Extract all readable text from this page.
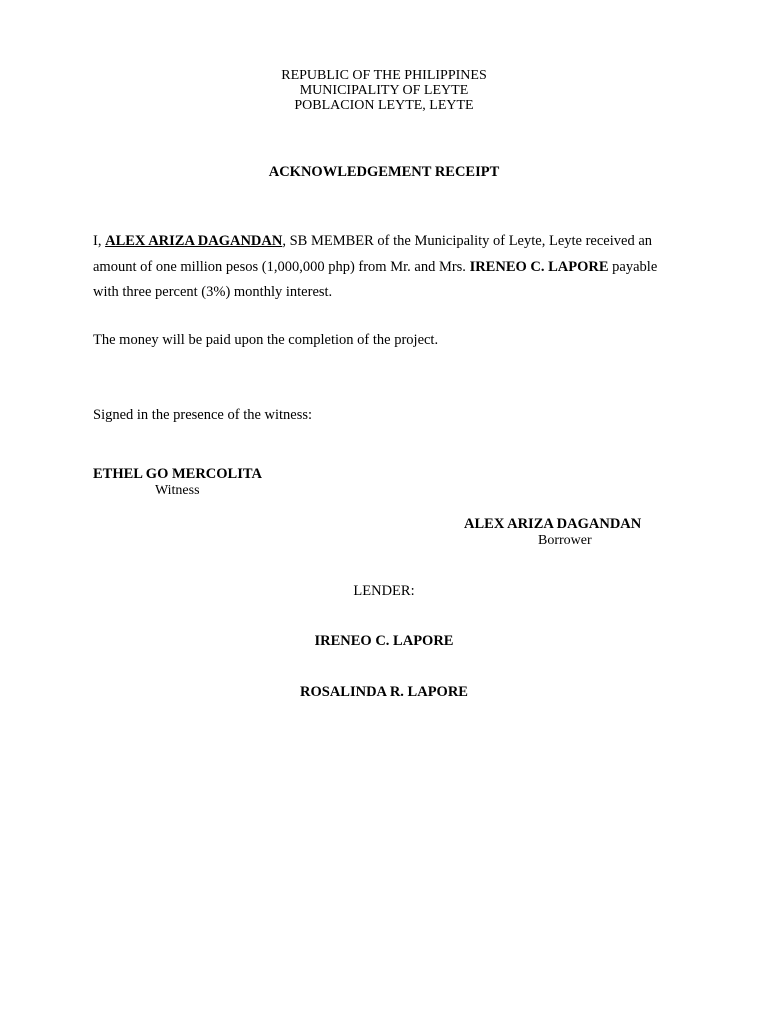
REPUBLIC OF THE PHILIPPINES
MUNICIPALITY OF LEYTE
POBLACION LEYTE, LEYTE
ACKNOWLEDGEMENT RECEIPT

I, ALEX ARIZA DAGANDAN, SB MEMBER of the Municipality of Leyte, Leyte received an amount of one million pesos (1,000,000 php) from Mr. and Mrs. IRENEO C. LAPORE payable with three percent (3%) monthly interest.

The money will be paid upon the completion of the project.
Signed in the presence of the witness:
ETHEL GO MERCOLITA
Witness
ALEX ARIZA DAGANDAN
Borrower
LENDER:
IRENEO C. LAPORE
ROSALINDA R. LAPORE
